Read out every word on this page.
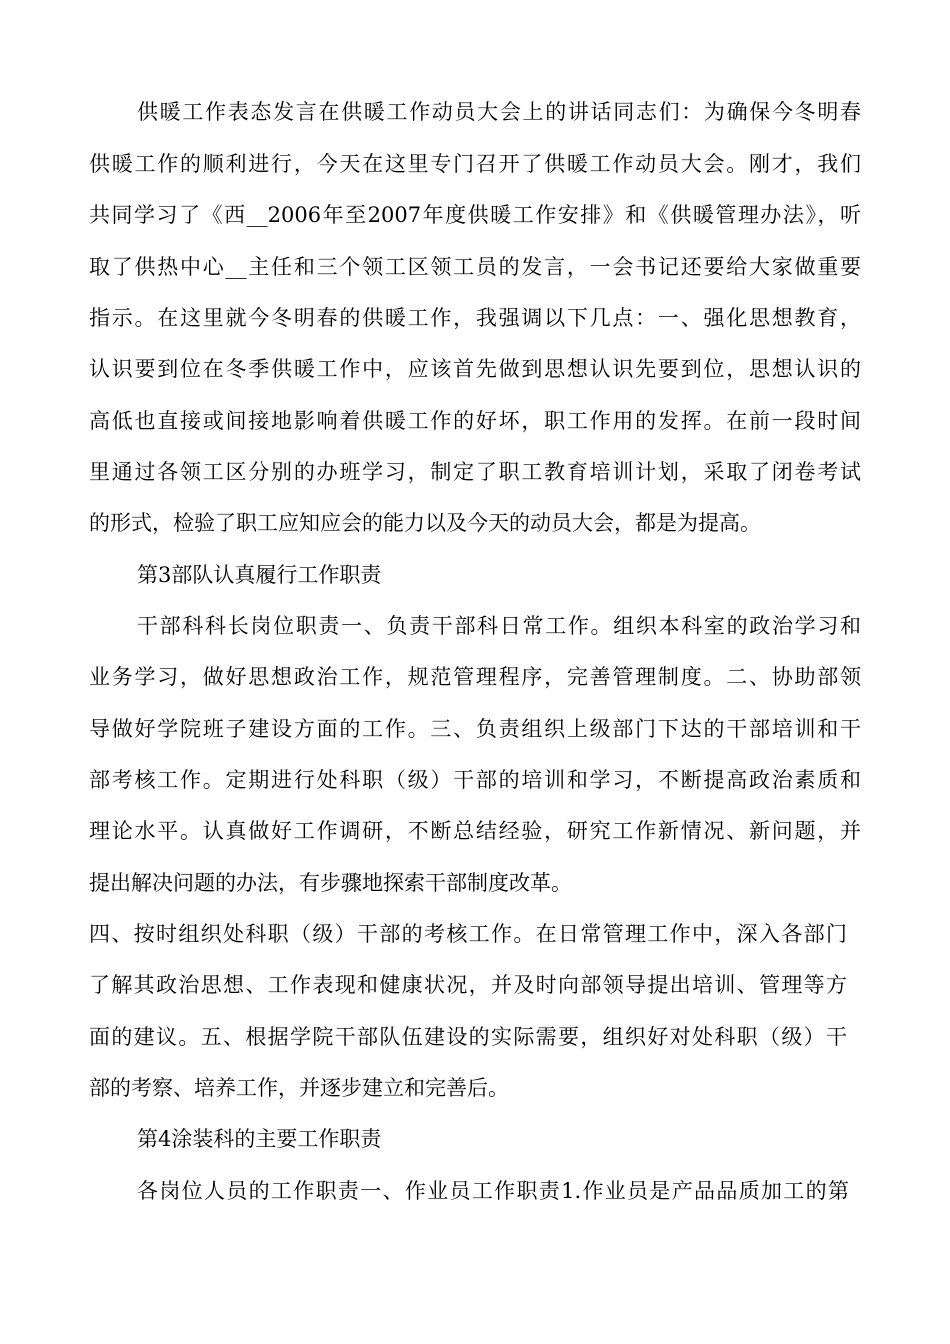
供暖工作表态发言在供暖工作动员大会上的讲话同志们：为确保今冬明春
供暖工作的顺利进行，今天在这里专门召开了供暖工作动员大会。刚才，我们
共同学习了《西__2006年至2007年度供暖工作安排》和《供暖管理办法》，听
取了供热中心__主任和三个领工区领工员的发言，一会书记还要给大家做重要
指示。在这里就今冬明春的供暖工作，我强调以下几点：一、强化思想教育，
认识要到位在冬季供暖工作中，应该首先做到思想认识先要到位，思想认识的
高低也直接或间接地影响着供暖工作的好坏，职工作用的发挥。在前一段时间
里通过各领工区分别的办班学习，制定了职工教育培训计划，采取了闭卷考试
的形式，检验了职工应知应会的能力以及今天的动员大会，都是为提高。
第3部队认真履行工作职责
干部科科长岗位职责一、负责干部科日常工作。组织本科室的政治学习和
业务学习，做好思想政治工作，规范管理程序，完善管理制度。二、协助部领
导做好学院班子建设方面的工作。三、负责组织上级部门下达的干部培训和干
部考核工作。定期进行处科职（级）干部的培训和学习，不断提高政治素质和
理论水平。认真做好工作调研，不断总结经验，研究工作新情况、新问题，并
提出解决问题的办法，有步骤地探索干部制度改革。
四、按时组织处科职（级）干部的考核工作。在日常管理工作中，深入各部门
了解其政治思想、工作表现和健康状况，并及时向部领导提出培训、管理等方
面的建议。五、根据学院干部队伍建设的实际需要，组织好对处科职（级）干
部的考察、培养工作，并逐步建立和完善后。
第4涂装科的主要工作职责
各岗位人员的工作职责一、作业员工作职责1.作业员是产品品质加工的第
